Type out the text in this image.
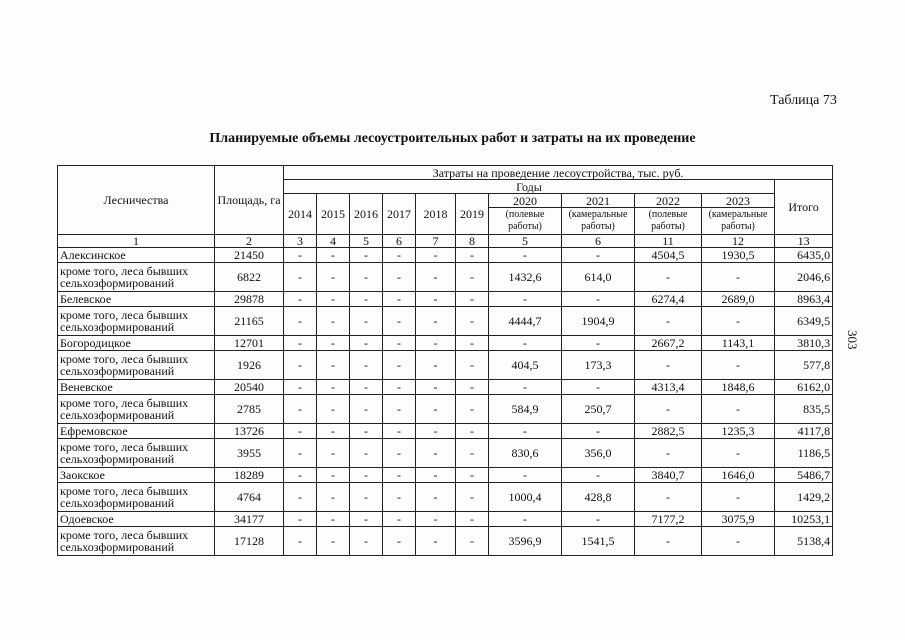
303
Таблица 73
Планируемые объемы лесоустроительных работ и затраты на их проведение
Лесничества	Площадь, га	Затраты на проведение лесоустройства, тыс. руб.										
		Годы										Итого
		2014	2015	2016	2017	2018	2019	2020	2021	2022	2023	
								(полевые работы)	(камеральные работы)	(полевые работы)	(камеральные работы)	
1	2	3	4	5	6	7	8	5	6	11	12	13
Алексинское	21450	-	-	-	-	-	-	-	-	4504,5	1930,5	6435,0
кроме того, леса бывших сельхозформирований	6822	-	-	-	-	-	-	1432,6	614,0	-	-	2046,6
Белевское	29878	-	-	-	-	-	-	-	-	6274,4	2689,0	8963,4
кроме того, леса бывших сельхозформирований	21165	-	-	-	-	-	-	4444,7	1904,9	-	-	6349,5
Богородицкое	12701	-	-	-	-	-	-	-	-	2667,2	1143,1	3810,3
кроме того, леса бывших сельхозформирований	1926	-	-	-	-	-	-	404,5	173,3	-	-	577,8
Веневское	20540	-	-	-	-	-	-	-	-	4313,4	1848,6	6162,0
кроме того, леса бывших сельхозформирований	2785	-	-	-	-	-	-	584,9	250,7	-	-	835,5
Ефремовское	13726	-	-	-	-	-	-	-	-	2882,5	1235,3	4117,8
кроме того, леса бывших сельхозформирований	3955	-	-	-	-	-	-	830,6	356,0	-	-	1186,5
Заокское	18289	-	-	-	-	-	-	-	-	3840,7	1646,0	5486,7
кроме того, леса бывших сельхозформирований	4764	-	-	-	-	-	-	1000,4	428,8	-	-	1429,2
Одоевское	34177	-	-	-	-	-	-	-	-	7177,2	3075,9	10253,1
кроме того, леса бывших сельхозформирований	17128	-	-	-	-	-	-	3596,9	1541,5	-	-	5138,4
